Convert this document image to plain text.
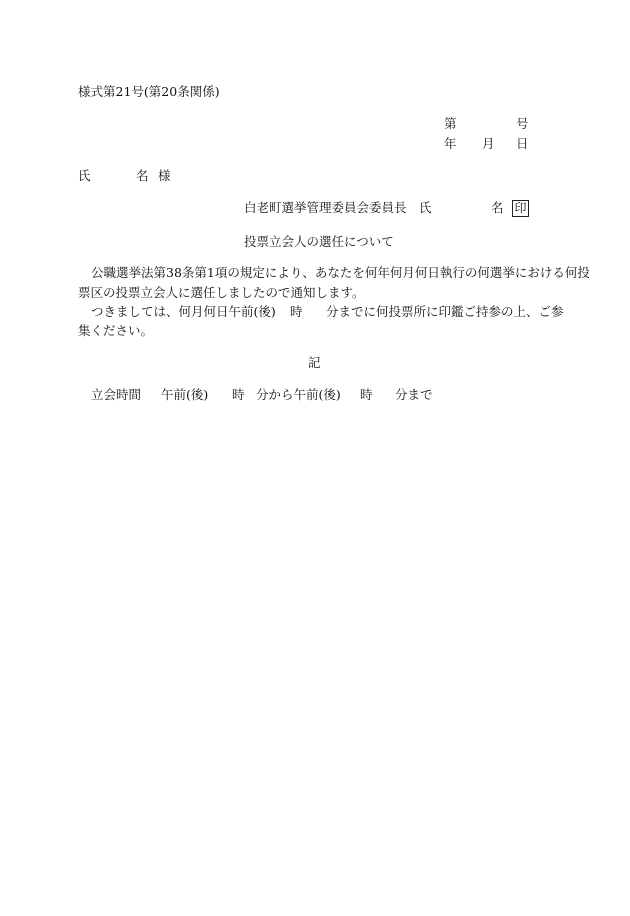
様式第21号(第20条関係)
第	号
年 月 日
氏	名 様
白老町選挙管理委員会委員長　氏	名 印
投票立会人の選任について
公職選挙法第38条第1項の規定により、あなたを何年何月何日執行の何選挙における何投
票区の投票立会人に選任しましたので通知します。
つきましては、何月何日午前(後) 時 分までに何投票所に印鑑ご持参の上、ご参
集ください。
記
立会時間 午前(後) 時 分から午前(後) 時 分まで
